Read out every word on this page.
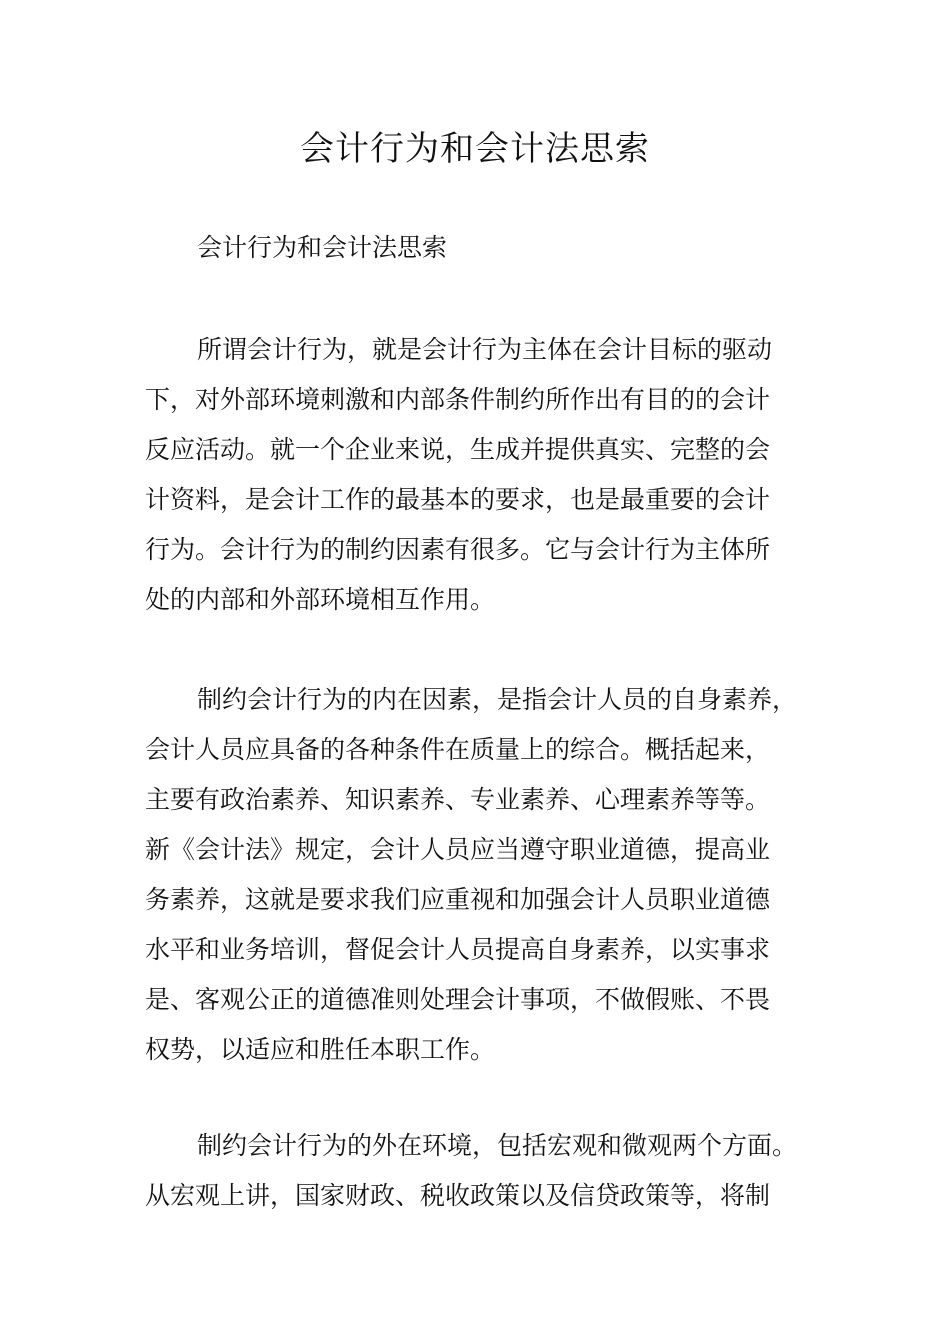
会计行为和会计法思索

会计行为和会计法思索

所谓会计行为，就是会计行为主体在会计目标的驱动
下，对外部环境刺激和内部条件制约所作出有目的的会计
反应活动。就一个企业来说，生成并提供真实、完整的会
计资料，是会计工作的最基本的要求，也是最重要的会计
行为。会计行为的制约因素有很多。它与会计行为主体所
处的内部和外部环境相互作用。
制约会计行为的内在因素，是指会计人员的自身素养，
会计人员应具备的各种条件在质量上的综合。概括起来，
主要有政治素养、知识素养、专业素养、心理素养等等。
新《会计法》规定，会计人员应当遵守职业道德，提高业
务素养，这就是要求我们应重视和加强会计人员职业道德
水平和业务培训，督促会计人员提高自身素养，以实事求
是、客观公正的道德准则处理会计事项，不做假账、不畏
权势，以适应和胜任本职工作。
制约会计行为的外在环境，包括宏观和微观两个方面。
从宏观上讲，国家财政、税收政策以及信贷政策等，将制
